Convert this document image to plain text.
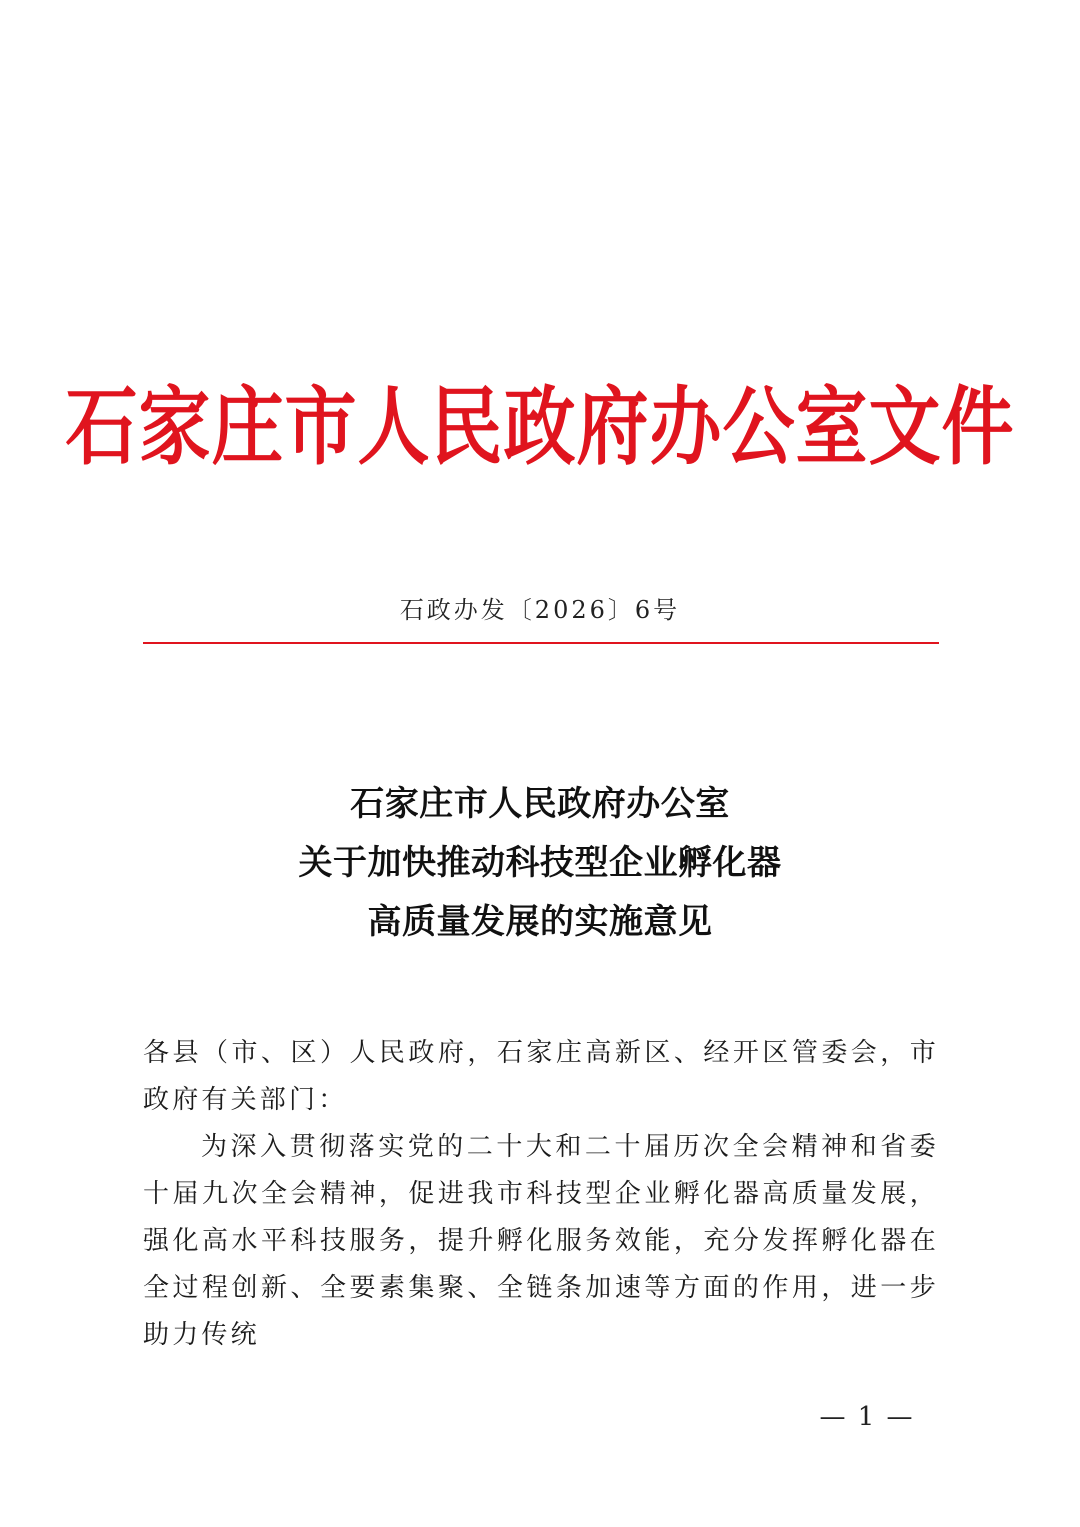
石家庄市人民政府办公室文件
石政办发〔2026〕6号
石家庄市人民政府办公室
关于加快推动科技型企业孵化器
高质量发展的实施意见

各县（市、区）人民政府，石家庄高新区、经开区管委会，市政府有关部门：

为深入贯彻落实党的二十大和二十届历次全会精神和省委十届九次全会精神，促进我市科技型企业孵化器高质量发展，强化高水平科技服务，提升孵化服务效能，充分发挥孵化器在全过程创新、全要素集聚、全链条加速等方面的作用，进一步助力传统

— 1 —
